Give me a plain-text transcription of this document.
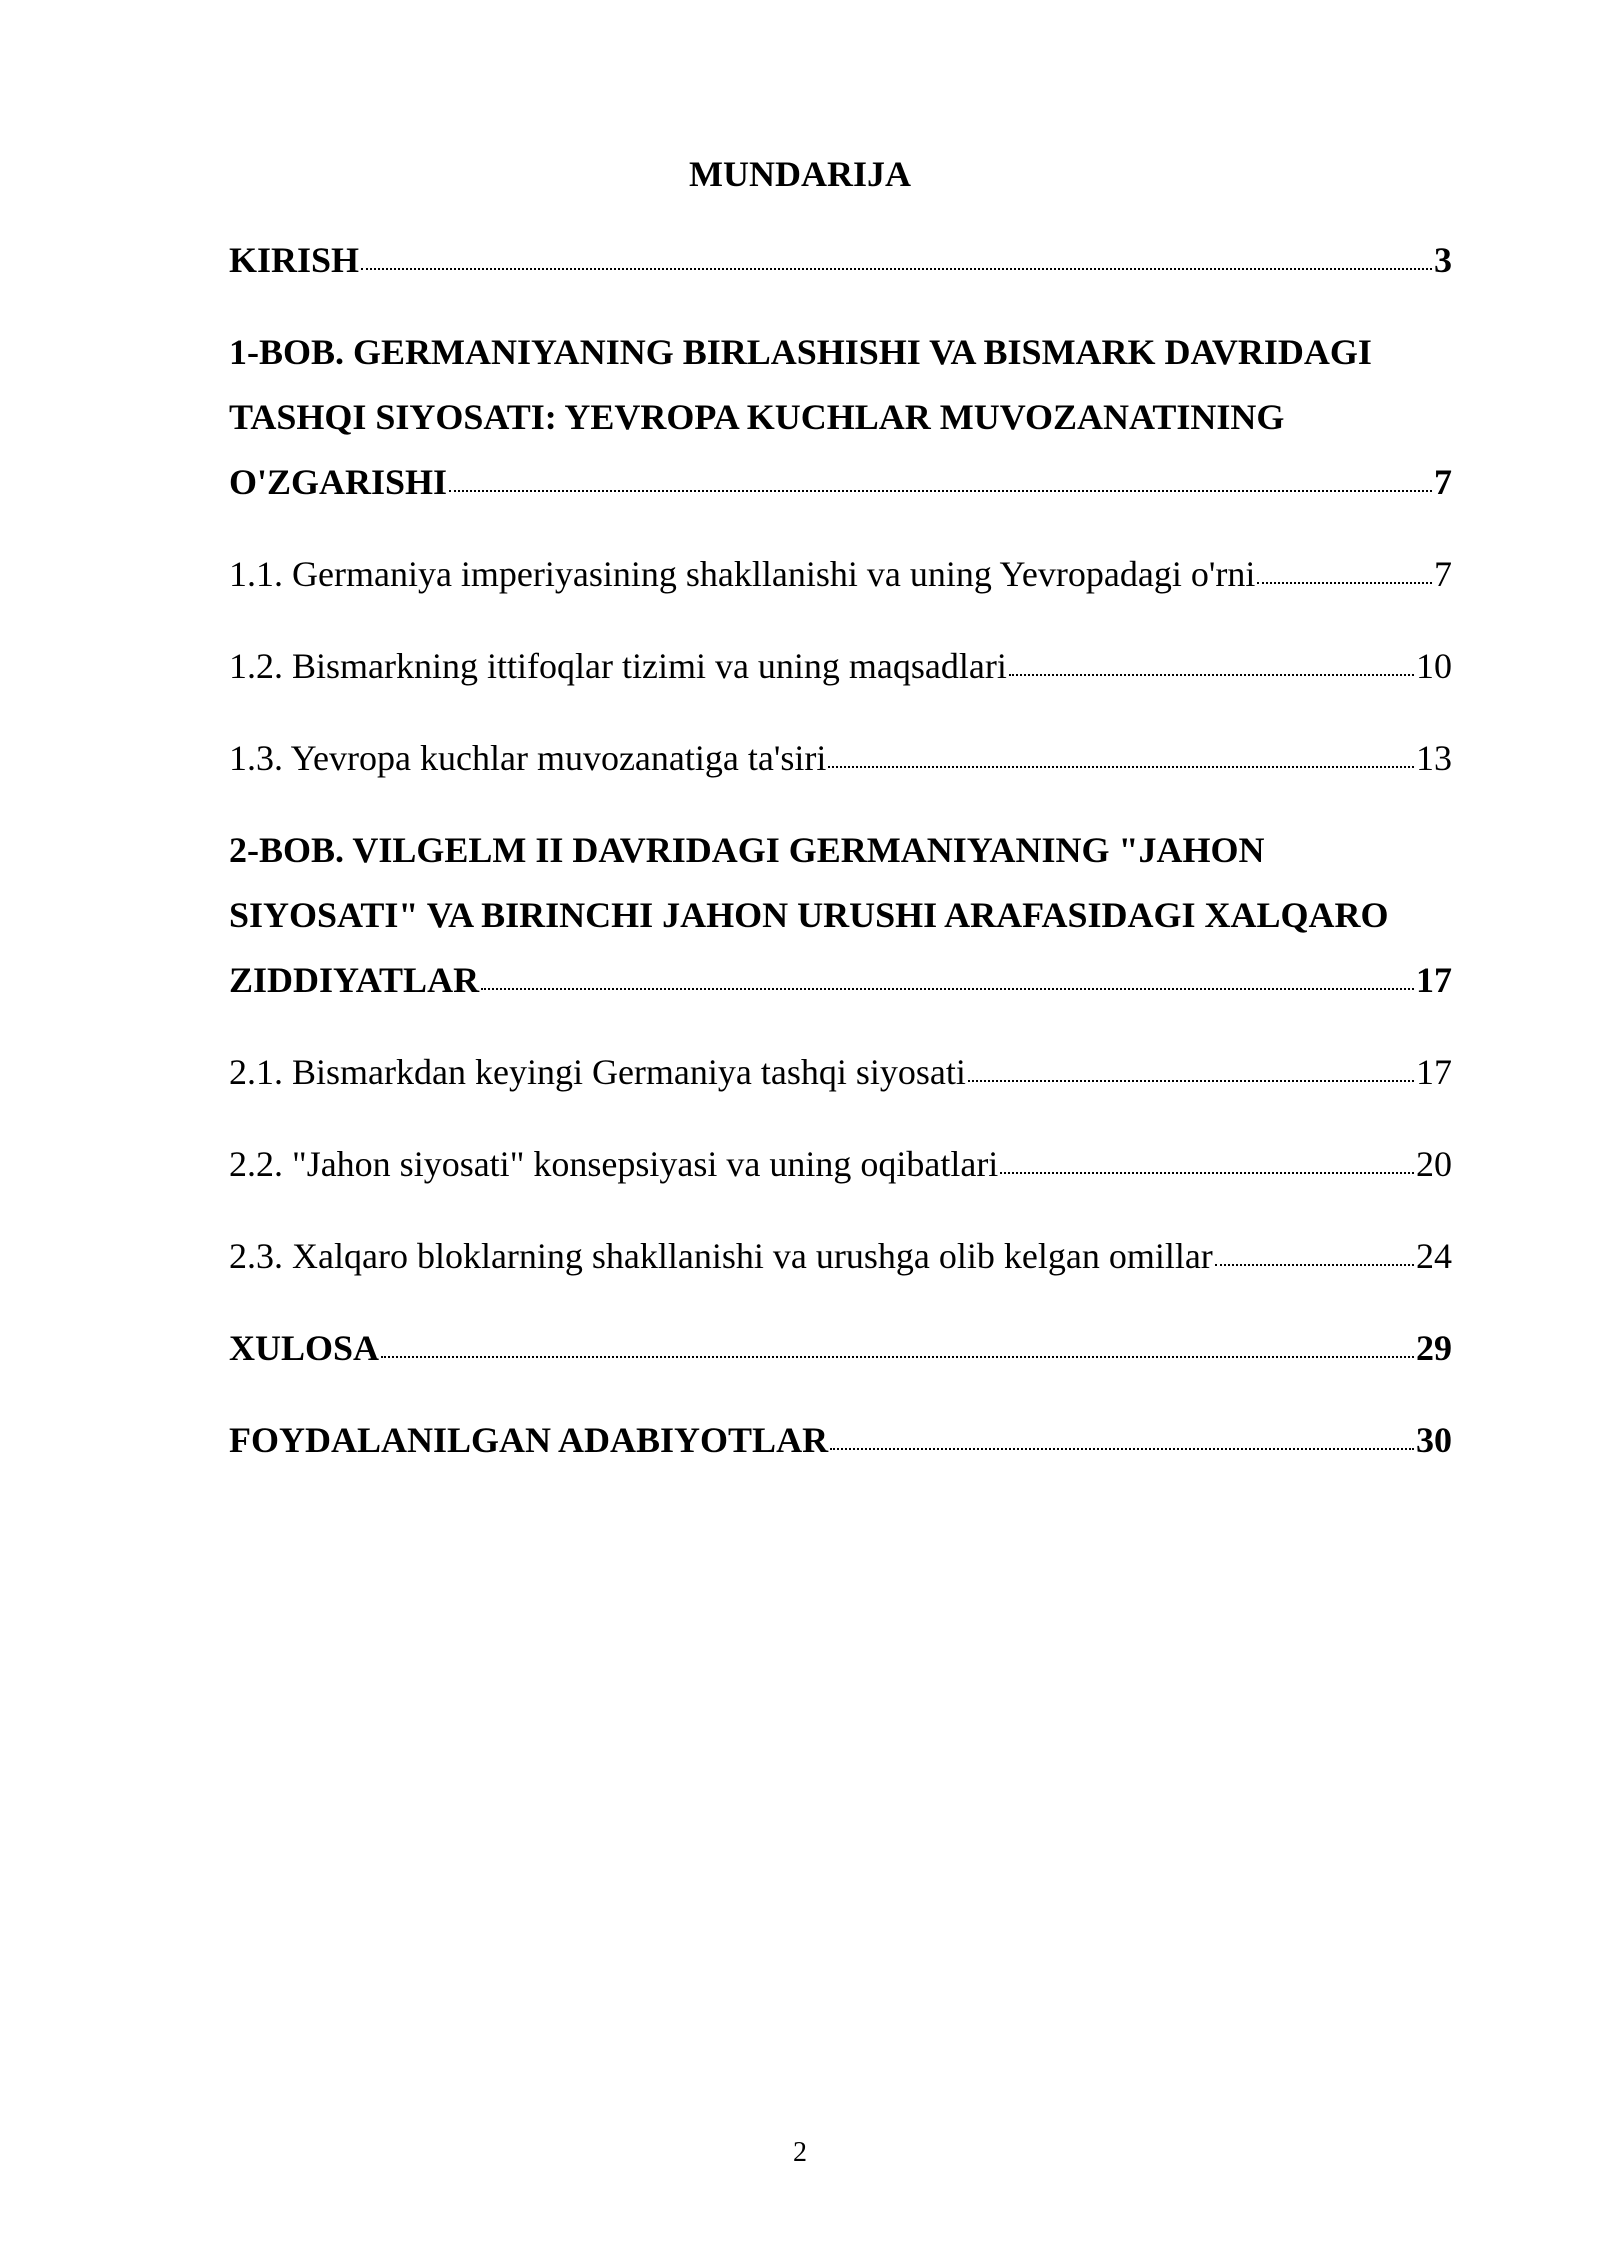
MUNDARIJA
KIRISH	3
1-BOB. GERMANIYANING BIRLASHISHI VA BISMARK DAVRIDAGI
TASHQI SIYOSATI: YEVROPA KUCHLAR MUVOZANATINING
O'ZGARISHI	7
1.1. Germaniya imperiyasining shakllanishi va uning Yevropadagi o'rni	7
1.2. Bismarkning ittifoqlar tizimi va uning maqsadlari	10
1.3. Yevropa kuchlar muvozanatiga ta'siri	13
2-BOB. VILGELM II DAVRIDAGI GERMANIYANING "JAHON
SIYOSATI" VA BIRINCHI JAHON URUSHI ARAFASIDAGI XALQARO
ZIDDIYATLAR	17
2.1. Bismarkdan keyingi Germaniya tashqi siyosati	17
2.2. "Jahon siyosati" konsepsiyasi va uning oqibatlari	20
2.3. Xalqaro bloklarning shakllanishi va urushga olib kelgan omillar	24
XULOSA	29
FOYDALANILGAN ADABIYOTLAR	30
2
